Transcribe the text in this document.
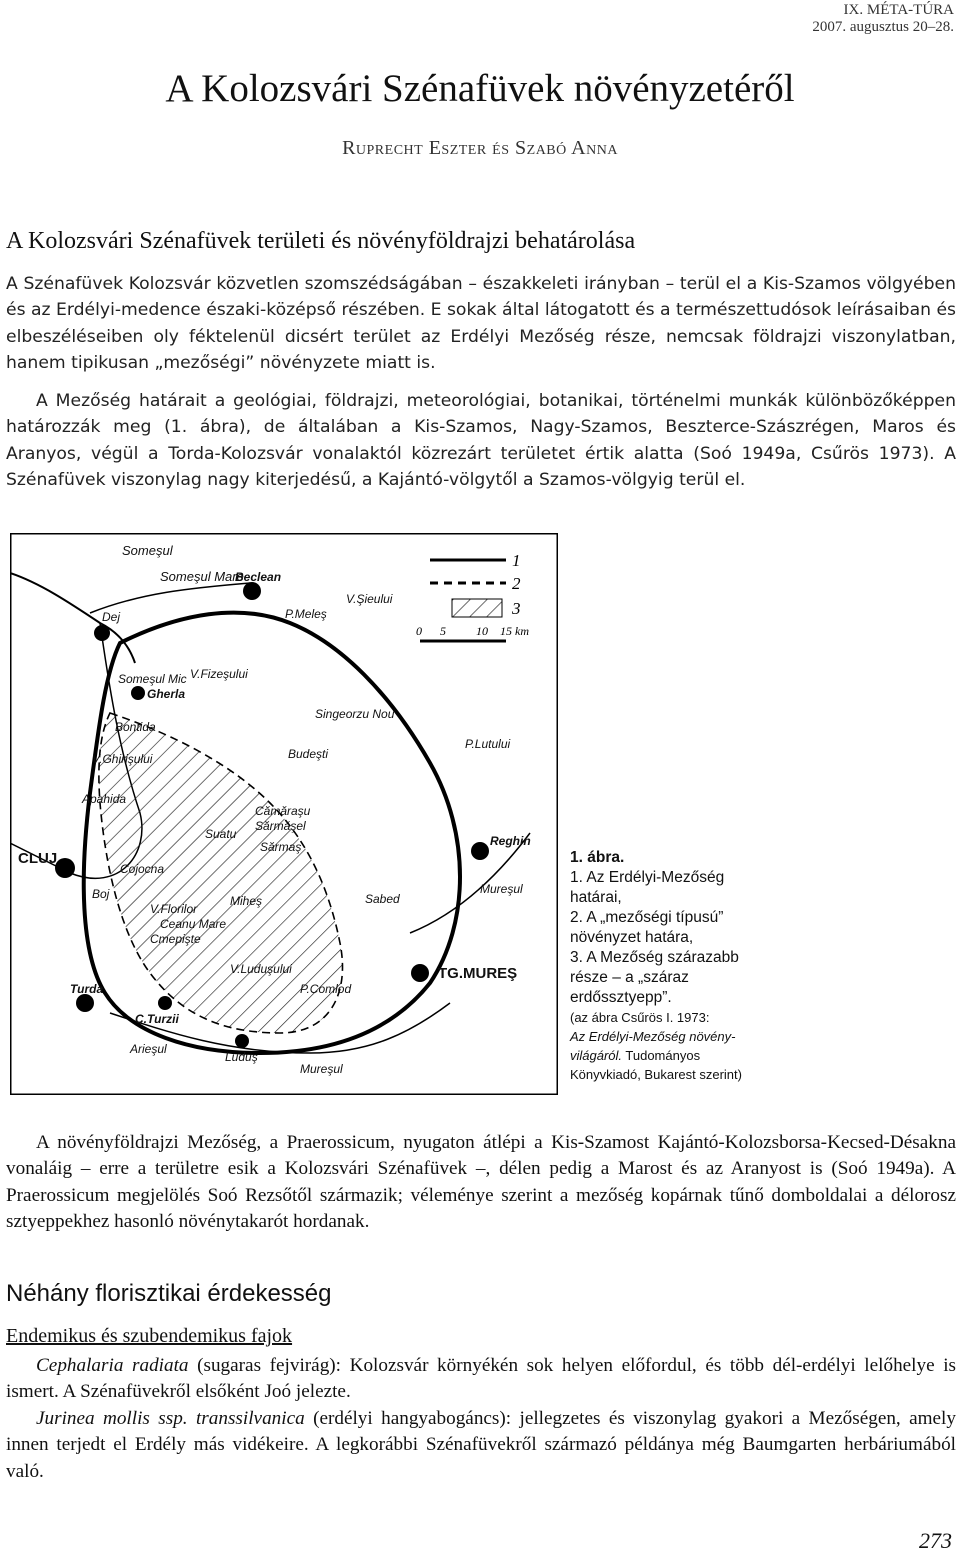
IX. MÉTA-TÚRA
2007. augusztus 20–28.
A Kolozsvári Szénafüvek növényzetéről
Ruprecht Eszter és Szabó Anna
A Kolozsvári Szénafüvek területi és növényföldrajzi behatárolása

A Szénafüvek Kolozsvár közvetlen szomszédságában – északkeleti irányban – terül el a Kis-Szamos völgyében és az Erdélyi-medence északi-középső részében. E sokak által látogatott és a természettudósok leírásaiban és elbeszéléseiben oly féktelenül dicsért terület az Erdélyi Mezőség része, nemcsak földrajzi viszonylatban, hanem tipikusan „mezőségi” növényzete miatt is.

A Mezőség határait a geológiai, földrajzi, meteorológiai, botanikai, történelmi munkák különbözőképpen határozzák meg (1. ábra), de általában a Kis-Szamos, Nagy-Szamos, Beszterce-Szászrégen, Maros és Aranyos, végül a Torda-Kolozsvár vonalaktól közrezárt területet értik alatta (Soó 1949a, Csűrös 1973). A Szénafüvek viszonylag nagy kiterjedésű, a Kajántó-völgytől a Szamos-völgyig terül el.

1
2
3
0 5	10 15 km
Someşul
Someşul Mare
Dej
Beclean
P.Meleş
V.Şieului
Someşul Mic
Gherla
V.Fizeşului
Singeorzu Nou
P.Lutului
Bontida
V.Ghirişului	Budeşti
Apahida
Reghin
CLUJ
Suatu
Cămăraşu
Sărmăşel
Sărmaş
Cojocna
Mureşul
Boj
V.Florilor
Ceanu Mare
Miheş	Sabed
Cmepişte
V.Luduşului
P.Comlod
Turda
C.Turzii
TG.MUREŞ
Arieşul
Luduş
Mureşul
1. ábra.
1. Az Erdélyi-Mezőség
határai,
2. A „mezőségi típusú”
növényzet határa,
3. A Mezőség szárazabb
része – a „száraz
erdőssztyepp”.
(az ábra Csűrös I. 1973:
Az Erdélyi-Mezőség növény-
világáról. Tudományos
Könyvkiadó, Bukarest szerint)

A növényföldrajzi Mezőség, a Praerossicum, nyugaton átlépi a Kis-Szamost Kajántó-Kolozsborsa-Kecsed-Désakna vonaláig – erre a területre esik a Kolozsvári Szénafüvek –, délen pedig a Marost és az Aranyost is (Soó 1949a). A Praerossicum megjelölés Soó Rezsőtől származik; véleménye szerint a mezőség kopárnak tűnő domboldalai a délorosz sztyeppekhez hasonló növénytakarót hordanak.

Néhány florisztikai érdekesség
Endemikus és szubendemikus fajok

Cephalaria radiata (sugaras fejvirág): Kolozsvár környékén sok helyen előfordul, és több dél-erdélyi lelőhelye is ismert. A Szénafüvekről elsőként Joó jelezte.

Jurinea mollis ssp. transsilvanica (erdélyi hangyabogáncs): jellegzetes és viszonylag gyakori a Mezőségen, amely innen terjedt el Erdély más vidékeire. A legkorábbi Szénafüvekről származó példánya még Baumgarten herbáriumából való.

273
